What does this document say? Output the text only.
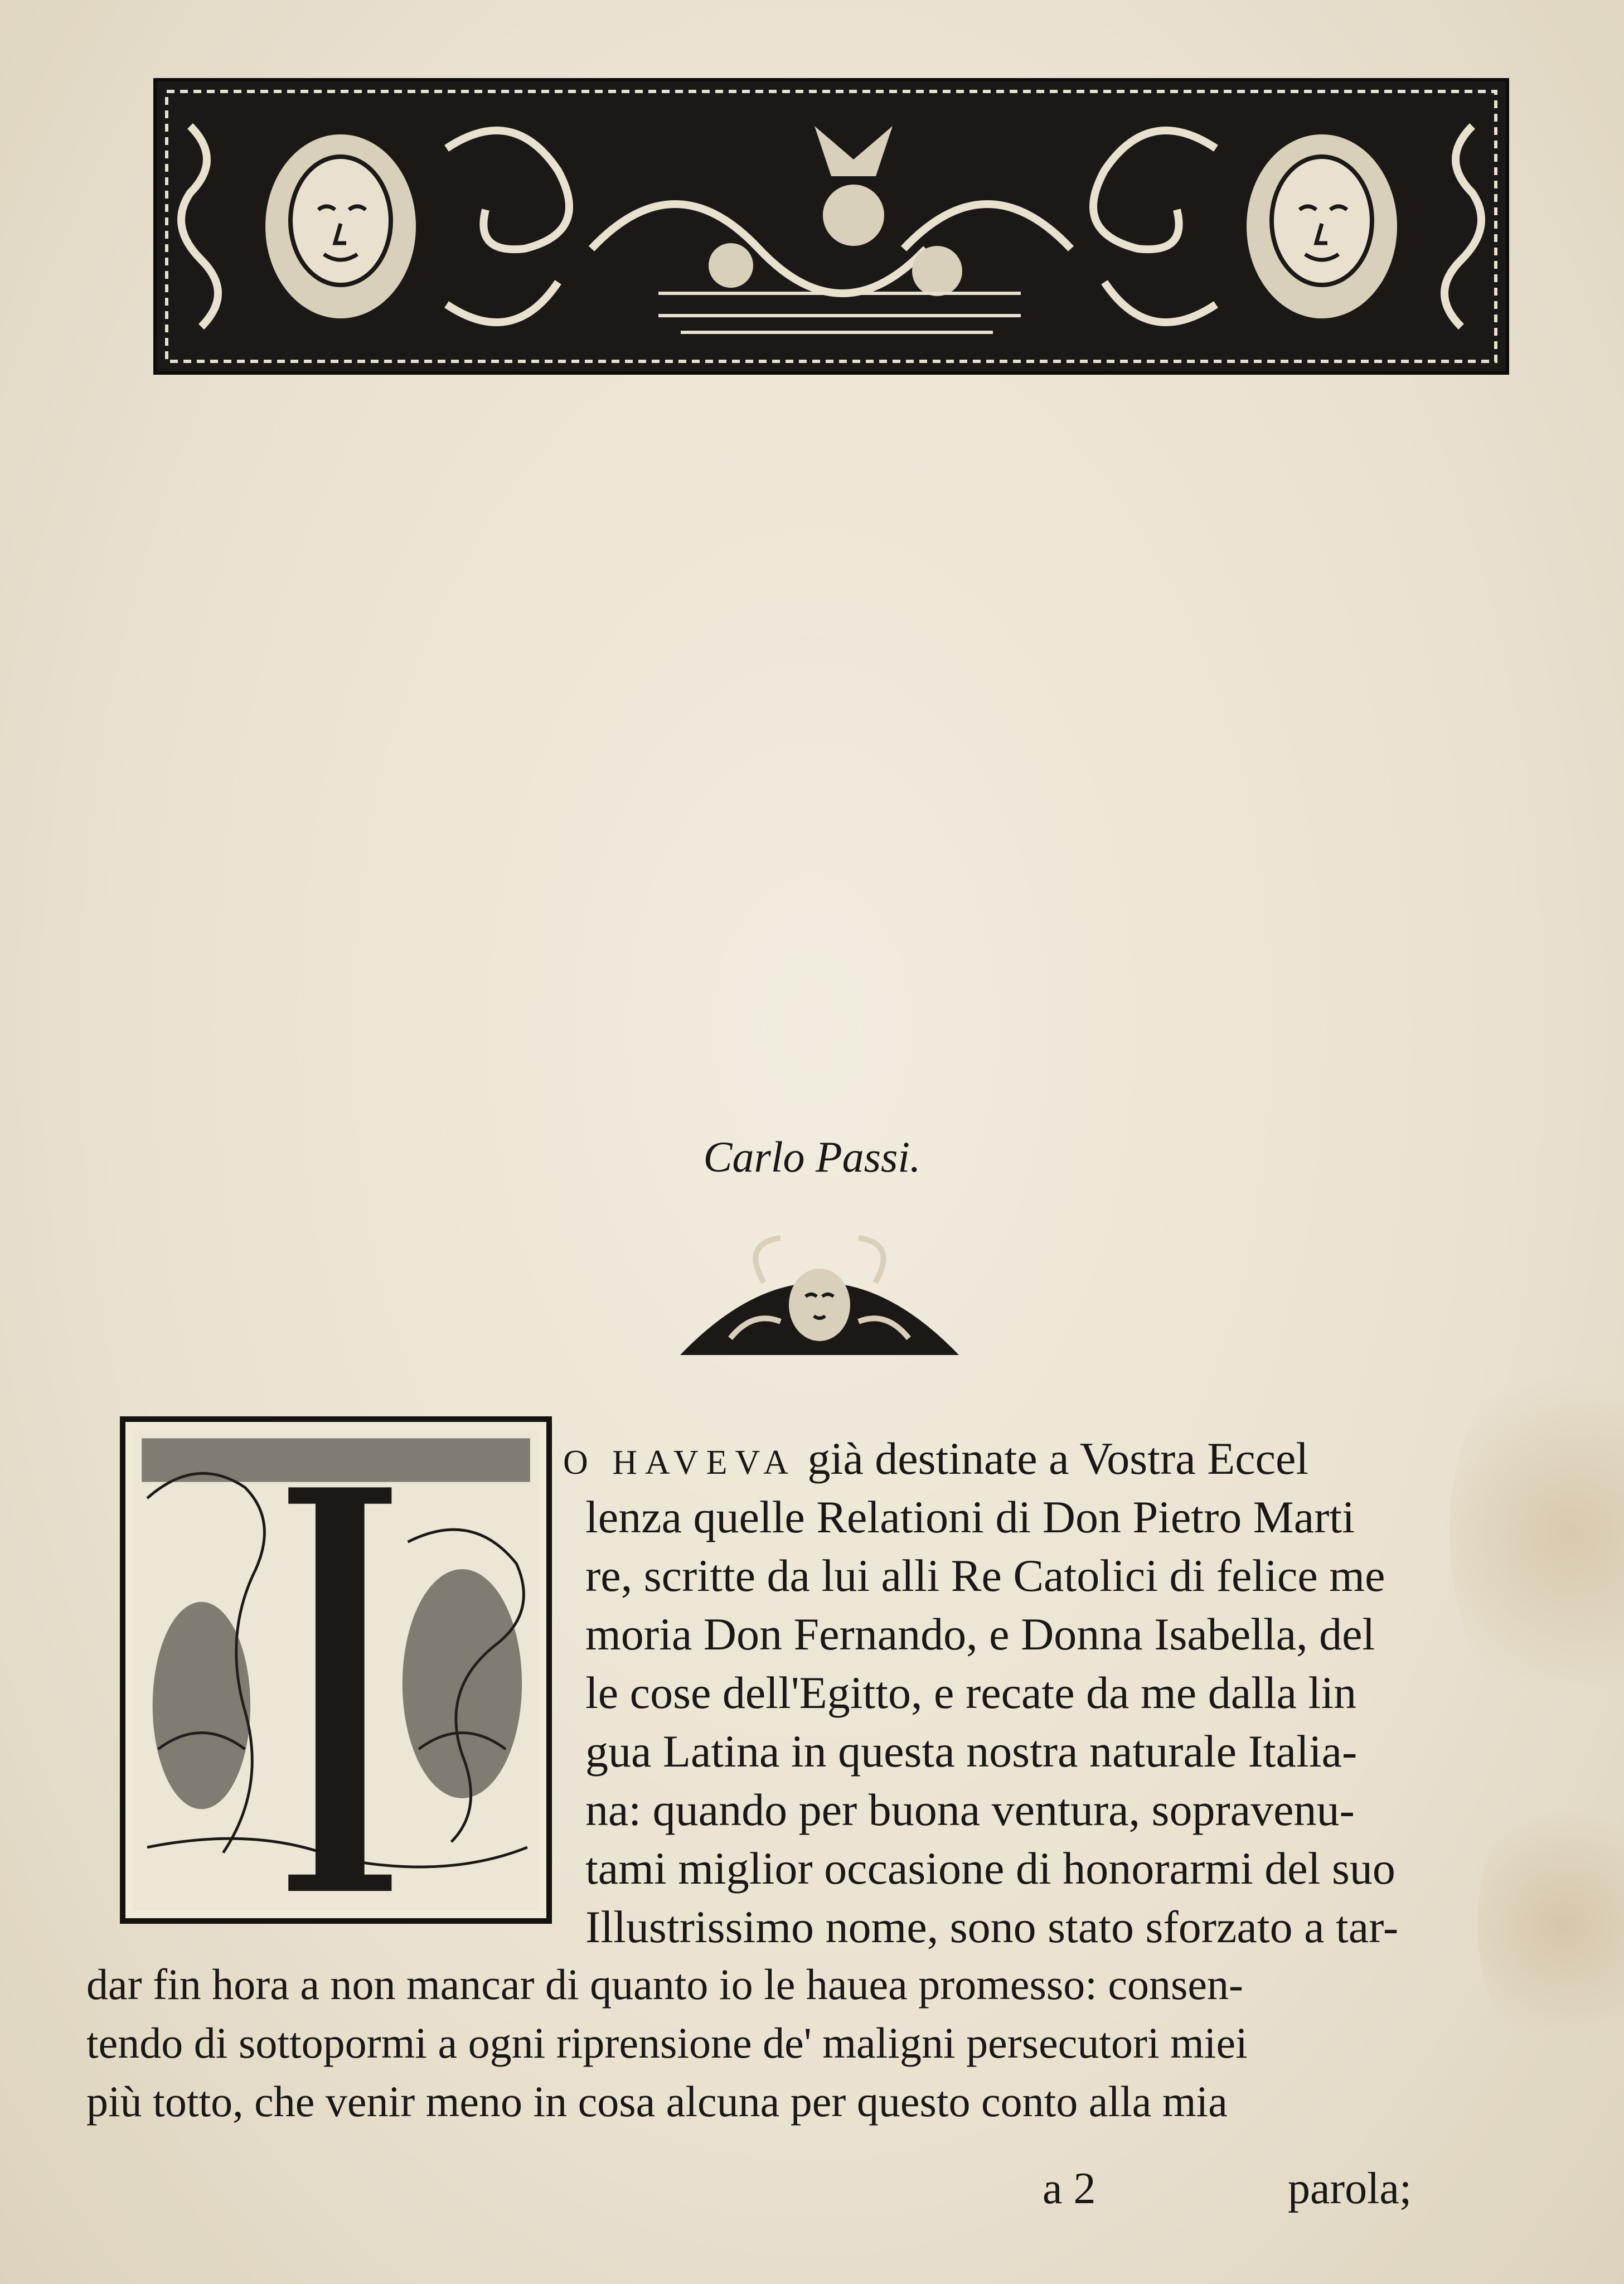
ET ECCELLENTISSIMO
S. SFORZA PALLAVICINO,
Carlo Passi.
O HAVEVA già destinate a Vostra Eccel
lenza quelle Relationi di Don Pietro Marti
re, scritte da lui alli Re Catolici di felice me
moria Don Fernando, e Donna Isabella, del
le cose dell'Egitto, e recate da me dalla lin
gua Latina in questa nostra naturale Italia-
na: quando per buona ventura, sopravenu-
tami miglior occasione di honorarmi del suo
Illustrissimo nome, sono stato sforzato a tar-
dar fin hora a non mancar di quanto io le hauea promesso: consen-
tendo di sottopormi a ogni riprensione de' maligni persecutori miei
più totto, che venir meno in cosa alcuna per questo conto alla mia
a 2	parola;
